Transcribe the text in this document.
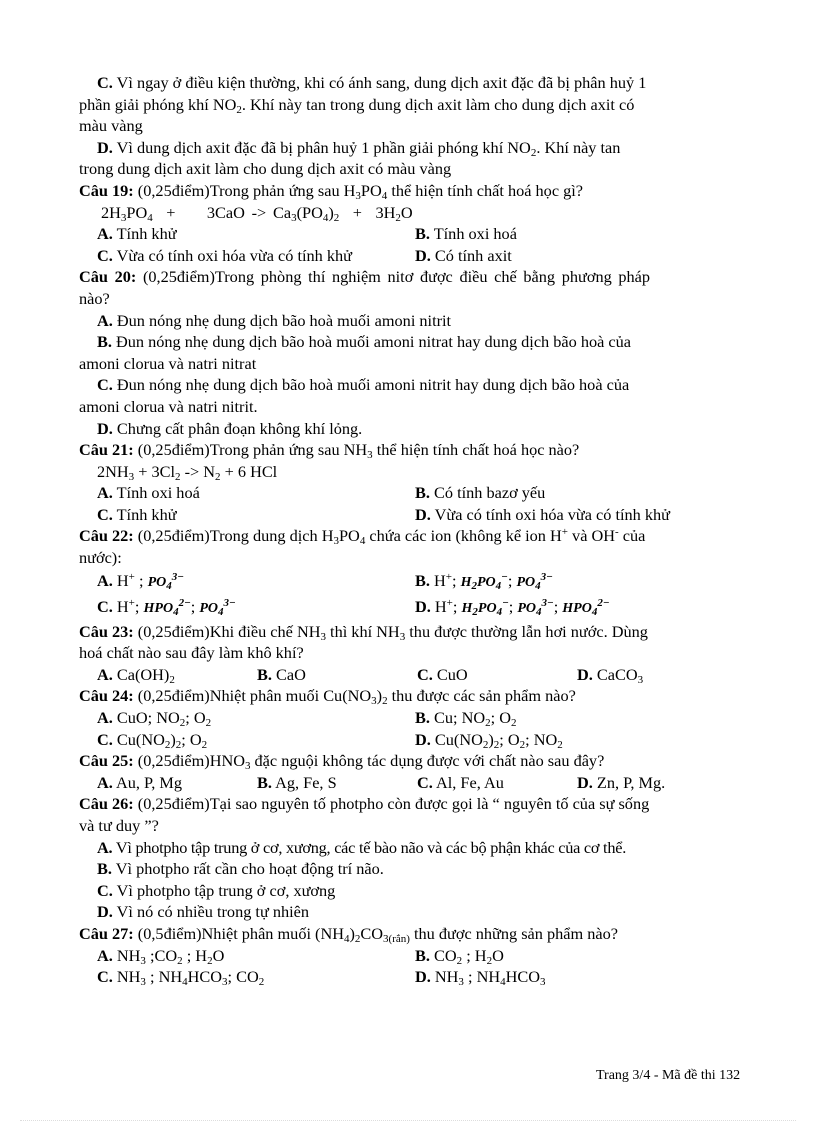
C. Vì ngay ở điều kiện thường, khi có ánh sang, dung dịch axit đặc đã bị phân huỷ 1
phần giải phóng khí $NO_2$. Khí này tan trong dung dịch axit làm cho dung dịch axit có
màu vàng
D. Vì dung dịch axit đặc đã bị phân huỷ 1 phần giải phóng khí $NO_2$. Khí này tan
trong dung dịch axit làm cho dung dịch axit có màu vàng
Câu 19: (0,25điểm)Trong phản ứng sau $H_3PO_4$ thể hiện tính chất hoá học gì?
$2H_3PO_4 + 3CaO -> Ca_3(PO_4)_2 + 3H_2O$
A. Tính khử	B. Tính oxi hoá
C. Vừa có tính oxi hóa vừa có tính khử	D. Có tính axit
Câu 20: (0,25điểm)Trong phòng thí nghiệm nitơ được điều chế bằng phương pháp
nào?
A. Đun nóng nhẹ dung dịch bão hoà muối amoni nitrit
B. Đun nóng nhẹ dung dịch bão hoà muối amoni nitrat hay dung dịch bão hoà của
amoni clorua và natri nitrat
C. Đun nóng nhẹ dung dịch bão hoà muối amoni nitrit hay dung dịch bão hoà của
amoni clorua và natri nitrit.
D. Chưng cất phân đoạn không khí lỏng.
Câu 21: (0,25điểm)Trong phản ứng sau $NH_3$ thể hiện tính chất hoá học nào?
$2NH_3 + 3Cl_2 -> N_2 + 6$ HCl
A. Tính oxi hoá	B. Có tính bazơ yếu
C. Tính khử	D. Vừa có tính oxi hóa vừa có tính khử
Câu 22: (0,25điểm)Trong dung dịch $H_3PO_4$ chứa các ion (không kể ion H+ và OH- của
nước):
A. H+ ; $PO_4^{3-}$	B. H+; $H_2PO_4^-$; $PO_4^{3-}$
C. H+; $HPO_4^{2-}$; $PO_4^{3-}$	D. H+; $H_2PO_4^-$; $PO_4^{3-}$; $HPO_4^{2-}$
Câu 23: (0,25điểm)Khi điều chế $NH_3$ thì khí $NH_3$ thu được thường lẫn hơi nước. Dùng
hoá chất nào sau đây làm khô khí?
A. $Ca(OH)_2$	B. CaO	C. CuO	D. CaCO$_3$
Câu 24: (0,25điểm)Nhiệt phân muối $Cu(NO_3)_2$ thu được các sản phẩm nào?
A. CuO; $NO_2$; $O_2$	B. Cu; $NO_2$; $O_2$
C. $Cu(NO_2)_2$; $O_2$	D. $Cu(NO_2)_2$; $O_2$; $NO_2$
Câu 25: $(0,25điểm)HNO_3$ đặc nguội không tác dụng được với chất nào sau đây?
A. Au, P, Mg	B. Ag, Fe, S	C. Al, Fe, Au	D. Zn, P, Mg.
Câu 26: (0,25điểm)Tại sao nguyên tố photpho còn được gọi là “ nguyên tố của sự sống
và tư duy ”?
A. Vì photpho tập trung ở cơ, xương, các tế bào não và các bộ phận khác của cơ thể.
B. Vì photpho rất cần cho hoạt động trí não.
C. Vì photpho tập trung ở cơ, xương
D. Vì nó có nhiều trong tự nhiên
Câu 27: (0,5điểm)Nhiệt phân muối $(NH_4)_2CO_{3(rắn)}$ thu được những sản phẩm nào?
A. $NH_3$ $;CO_2$ ; $H_2O$	B. $CO_2$ ; $H_2O$
C. $NH_3$ ; $NH_4HCO_3$; $CO_2$	D. $NH_3$ ; $NH_4HCO_3$
Trang 3/4 - Mã đề thi 132
